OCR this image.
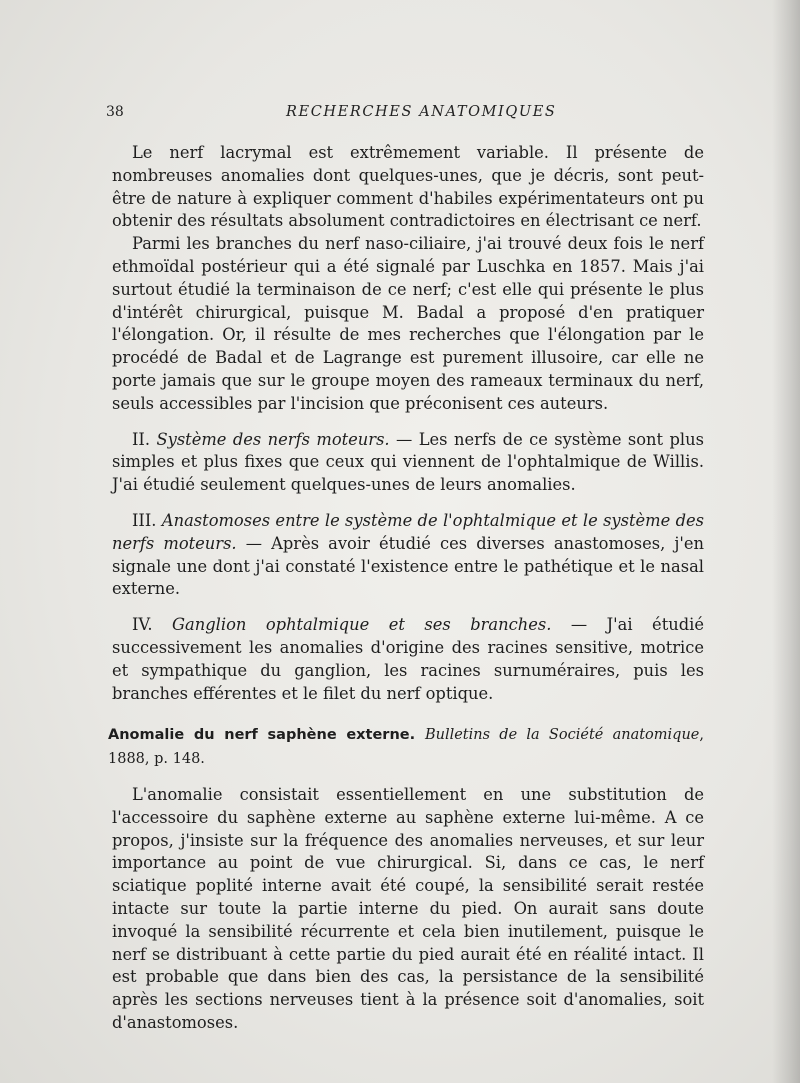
38	RECHERCHES ANATOMIQUES

Le nerf lacrymal est extrêmement variable. Il présente de nombreuses anomalies dont quelques-unes, que je décris, sont peut-être de nature à expliquer comment d'habiles expérimentateurs ont pu obtenir des résultats absolument contradictoires en électrisant ce nerf.

Parmi les branches du nerf naso-ciliaire, j'ai trouvé deux fois le nerf ethmoïdal postérieur qui a été signalé par Luschka en 1857. Mais j'ai surtout étudié la terminaison de ce nerf; c'est elle qui présente le plus d'intérêt chirurgical, puisque M. Badal a proposé d'en pratiquer l'élongation. Or, il résulte de mes recherches que l'élongation par le procédé de Badal et de Lagrange est purement illusoire, car elle ne porte jamais que sur le groupe moyen des rameaux terminaux du nerf, seuls accessibles par l'incision que préconisent ces auteurs.

II. Système des nerfs moteurs. — Les nerfs de ce système sont plus simples et plus fixes que ceux qui viennent de l'ophtalmique de Willis. J'ai étudié seulement quelques-unes de leurs anomalies.

III. Anastomoses entre le système de l'ophtalmique et le système des nerfs moteurs. — Après avoir étudié ces diverses anastomoses, j'en signale une dont j'ai constaté l'existence entre le pathétique et le nasal externe.

IV. Ganglion ophtalmique et ses branches. — J'ai étudié successivement les anomalies d'origine des racines sensitive, motrice et sympathique du ganglion, les racines surnuméraires, puis les branches efférentes et le filet du nerf optique.

Anomalie du nerf saphène externe. Bulletins de la Société anatomique, 1888, p. 148.

L'anomalie consistait essentiellement en une substitution de l'accessoire du saphène externe au saphène externe lui-même. A ce propos, j'insiste sur la fréquence des anomalies nerveuses, et sur leur importance au point de vue chirurgical. Si, dans ce cas, le nerf sciatique poplité interne avait été coupé, la sensibilité serait restée intacte sur toute la partie interne du pied. On aurait sans doute invoqué la sensibilité récurrente et cela bien inutilement, puisque le nerf se distribuant à cette partie du pied aurait été en réalité intact. Il est probable que dans bien des cas, la persistance de la sensibilité après les sections nerveuses tient à la présence soit d'anomalies, soit d'anastomoses.
